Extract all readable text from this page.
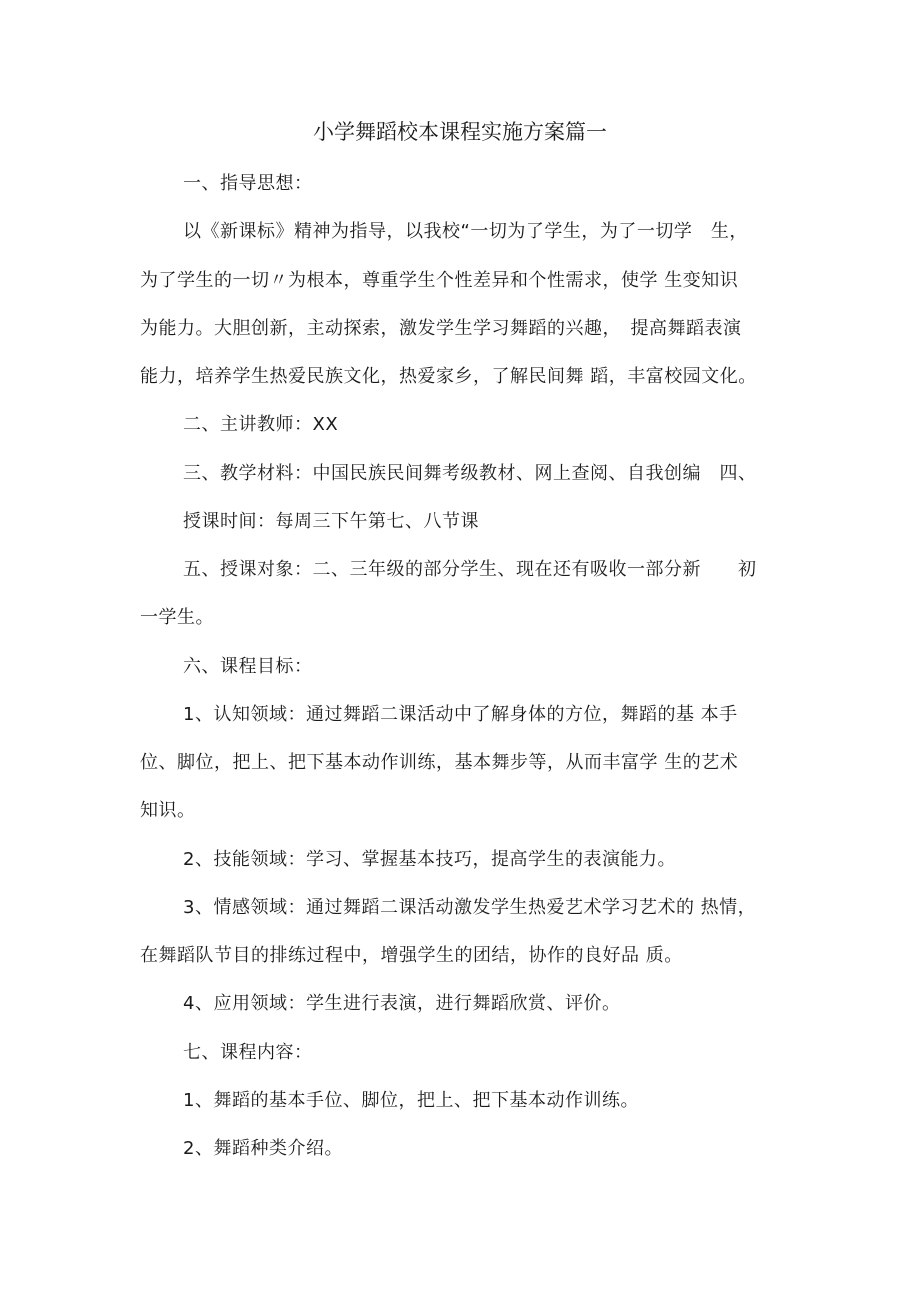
小学舞蹈校本课程实施方案篇一
一、指导思想：
以《新课标》精神为指导，以我校“一切为了学生，为了一切学　生，
为了学生的一切〃为根本，尊重学生个性差异和个性需求，使学 生变知识
为能力。大胆创新，主动探索，激发学生学习舞蹈的兴趣，　提高舞蹈表演
能力，培养学生热爱民族文化，热爱家乡，了解民间舞 蹈，丰富校园文化。
二、主讲教师：XX
三、教学材料：中国民族民间舞考级教材、网上查阅、自我创编　四、
授课时间：每周三下午第七、八节课
五、授课对象：二、三年级的部分学生、现在还有吸收一部分新　　初
一学生。
六、课程目标：
1、认知领域：通过舞蹈二课活动中了解身体的方位，舞蹈的基 本手
位、脚位，把上、把下基本动作训练，基本舞步等，从而丰富学 生的艺术
知识。
2、技能领域：学习、掌握基本技巧，提高学生的表演能力。
3、情感领域：通过舞蹈二课活动激发学生热爱艺术学习艺术的 热情，
在舞蹈队节目的排练过程中，增强学生的团结，协作的良好品 质。
4、应用领域：学生进行表演，进行舞蹈欣赏、评价。
七、课程内容：
1、舞蹈的基本手位、脚位，把上、把下基本动作训练。
2、舞蹈种类介绍。
